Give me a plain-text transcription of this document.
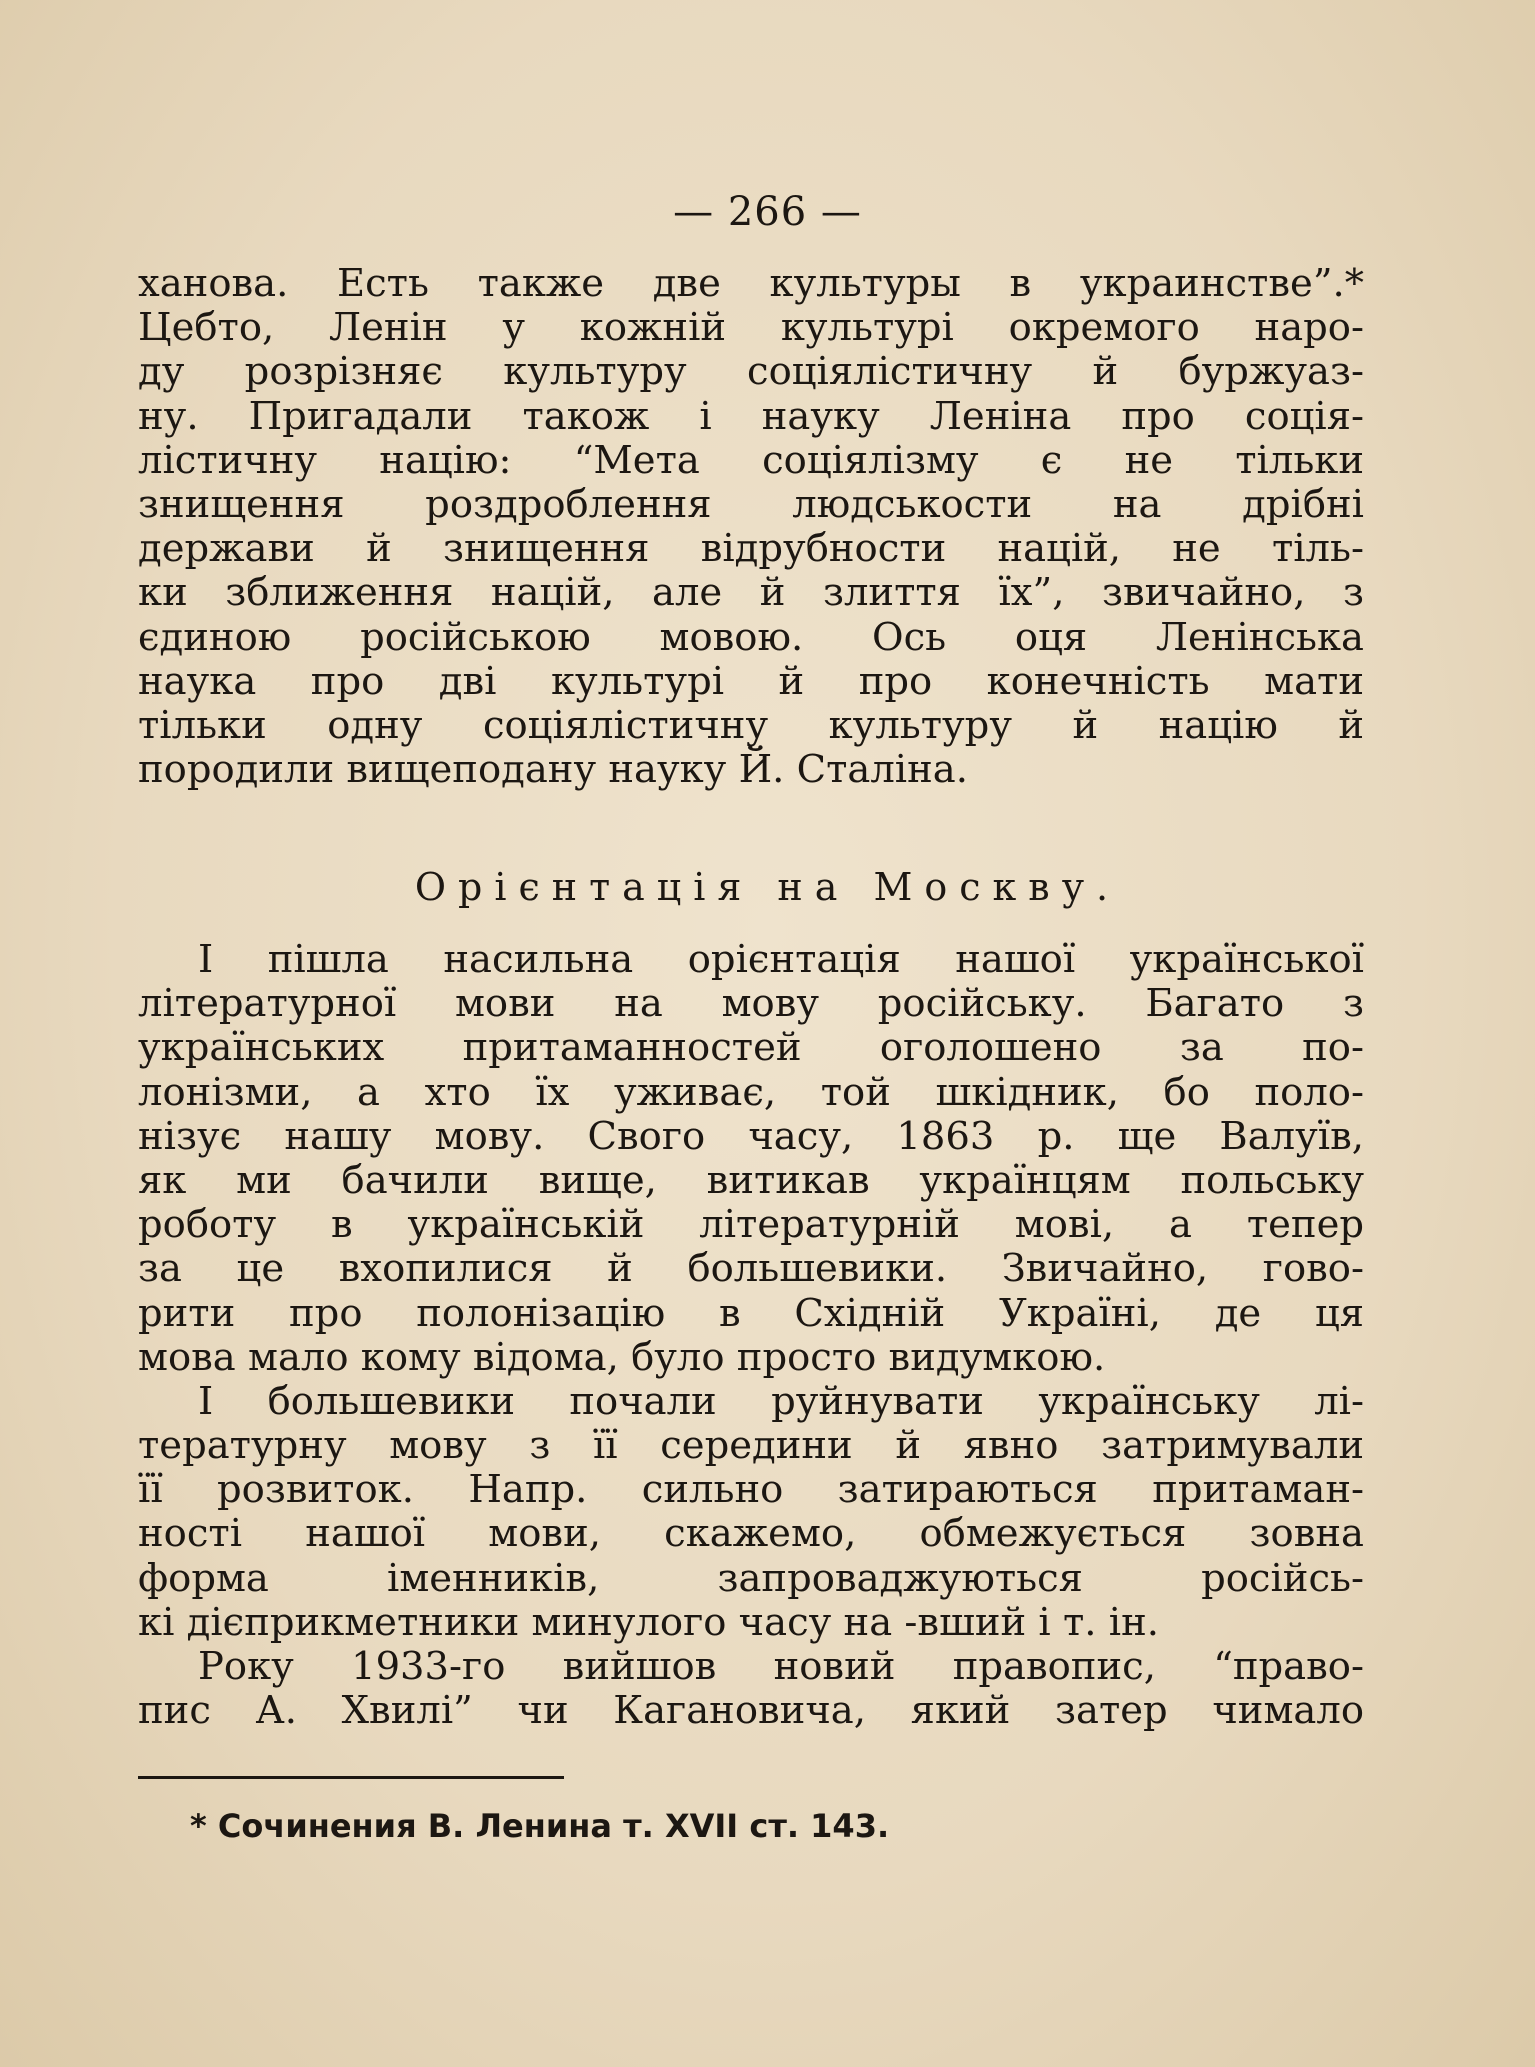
— 266 —
ханова. Есть также две культуры в украинстве”.*
Цебто, Ленін у кожній культурі окремого наро-
ду розрізняє культуру соціялістичну й буржуаз-
ну. Пригадали також і науку Леніна про соція-
лістичну націю: “Мета соціялізму є не тільки
знищення роздроблення людськости на дрібні
держави й знищення відрубности націй, не тіль-
ки зближення націй, але й злиття їх”, звичайно, з
єдиною російською мовою. Ось оця Ленінська
наука про дві культурі й про конечність мати
тільки одну соціялістичну культуру й націю й
породили вищеподану науку Й. Сталіна.
Орієнтація на Москву.
І пішла насильна орієнтація нашої української
літературної мови на мову російську. Багато з
українських притаманностей оголошено за по-
лонізми, а хто їх уживає, той шкідник, бо поло-
нізує нашу мову. Свого часу, 1863 р. ще Валуїв,
як ми бачили вище, витикав українцям польську
роботу в українській літературній мові, а тепер
за це вхопилися й большевики. Звичайно, гово-
рити про полонізацію в Східній Україні, де ця
мова мало кому відома, було просто видумкою.
І большевики почали руйнувати українську лі-
тературну мову з її середини й явно затримували
її розвиток. Напр. сильно затираються притаман-
ності нашої мови, скажемо, обмежується зовна
форма іменників, запроваджуються російсь-
кі дієприкметники минулого часу на -вший і т. ін.
Року 1933-го вийшов новий правопис, “право-
пис А. Хвилі” чи Кагановича, який затер чимало
* Сочинения В. Ленина т. XVII ст. 143.
